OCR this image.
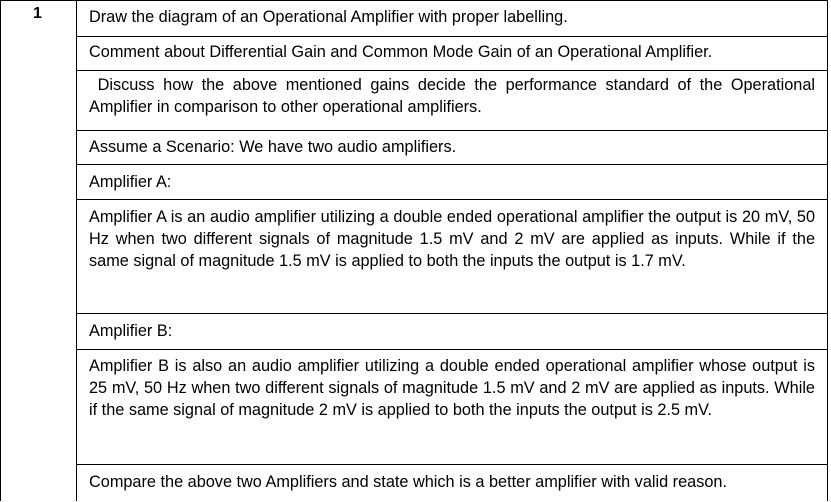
1	Draw the diagram of an Operational Amplifier with proper labelling.

Comment about Differential Gain and Common Mode Gain of an Operational Amplifier.

Discuss how the above mentioned gains decide the performance standard of the Operational Amplifier in comparison to other operational amplifiers.

Assume a Scenario: We have two audio amplifiers.

Amplifier A:

Amplifier A is an audio amplifier utilizing a double ended operational amplifier the output is 20 mV, 50 Hz when two different signals of magnitude 1.5 mV and 2 mV are applied as inputs. While if the same signal of magnitude 1.5 mV is applied to both the inputs the output is 1.7 mV.

Amplifier B:

Amplifier B is also an audio amplifier utilizing a double ended operational amplifier whose output is 25 mV, 50 Hz when two different signals of magnitude 1.5 mV and 2 mV are applied as inputs. While if the same signal of magnitude 2 mV is applied to both the inputs the output is 2.5 mV.

Compare the above two Amplifiers and state which is a better amplifier with valid reason.
